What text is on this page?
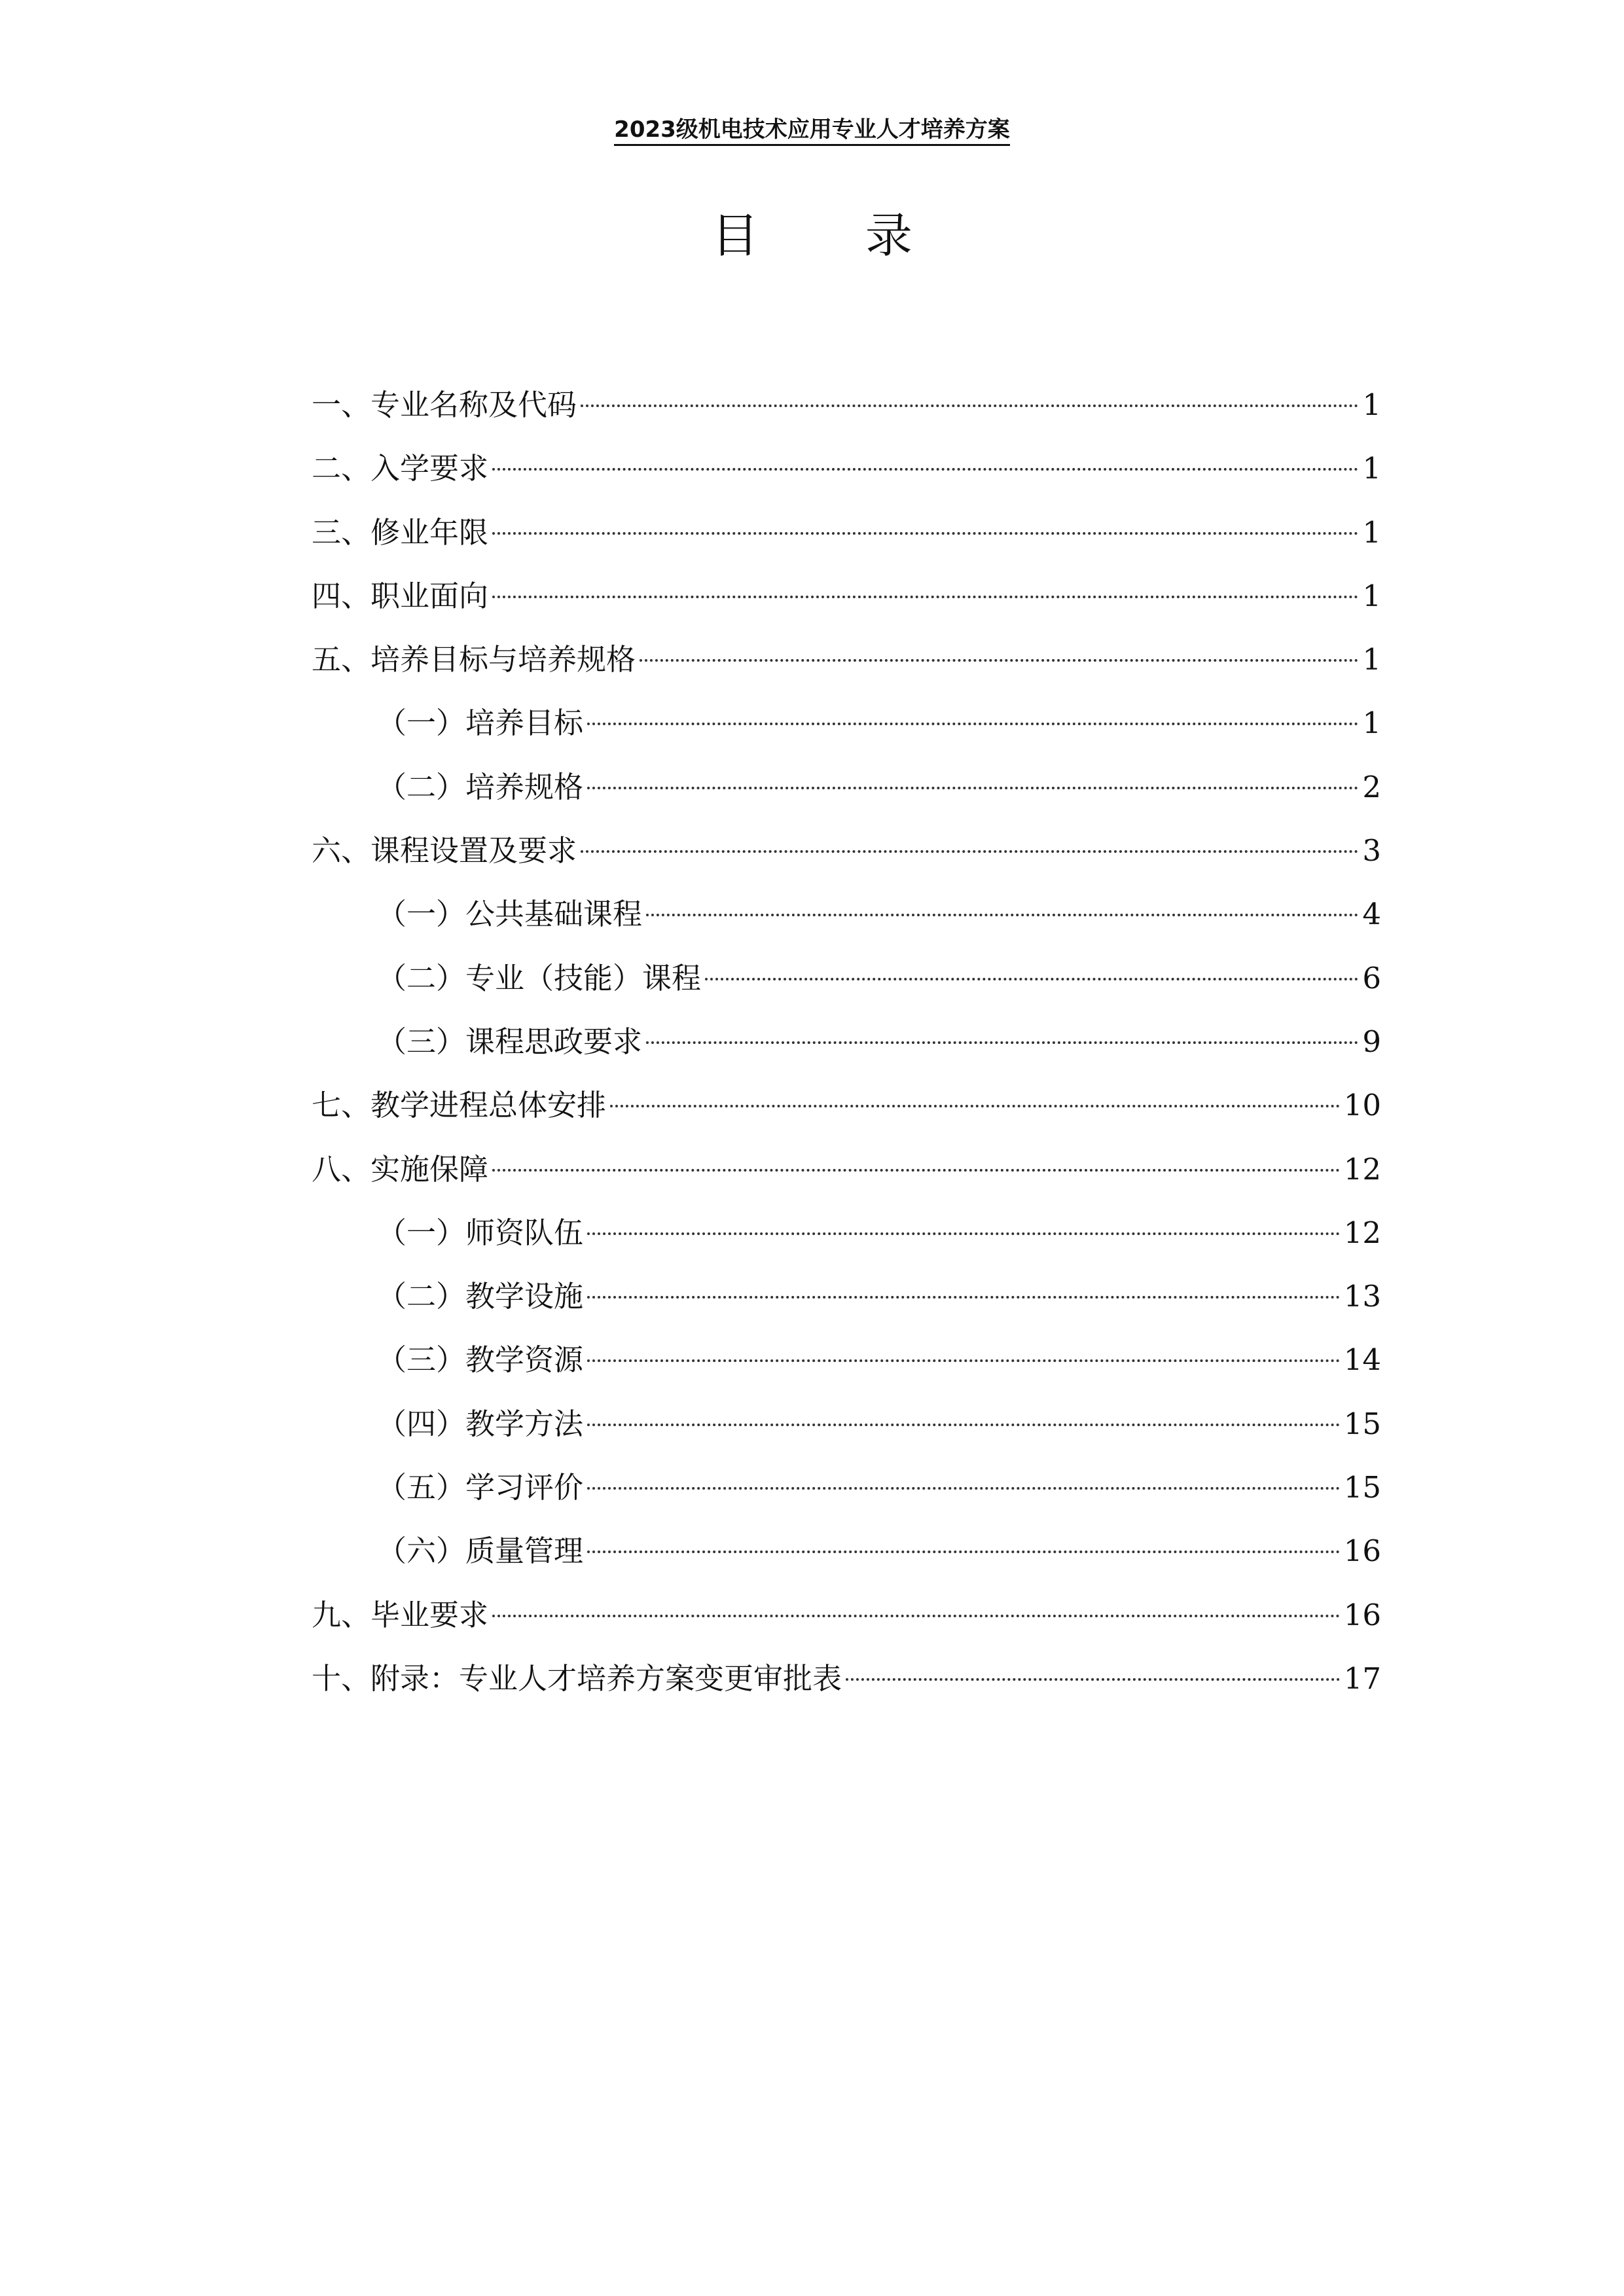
2023级机电技术应用专业人才培养方案
目 录
一、专业名称及代码	1
二、入学要求	1
三、修业年限	1
四、职业面向	1
五、培养目标与培养规格	1
（一）培养目标	1
（二）培养规格	2
六、课程设置及要求	3
（一）公共基础课程	4
（二）专业（技能）课程	6
（三）课程思政要求	9
七、教学进程总体安排	10
八、实施保障	12
（一）师资队伍	12
（二）教学设施	13
（三）教学资源	14
（四）教学方法	15
（五）学习评价	15
（六）质量管理	16
九、毕业要求	16
十、附录：专业人才培养方案变更审批表	17
